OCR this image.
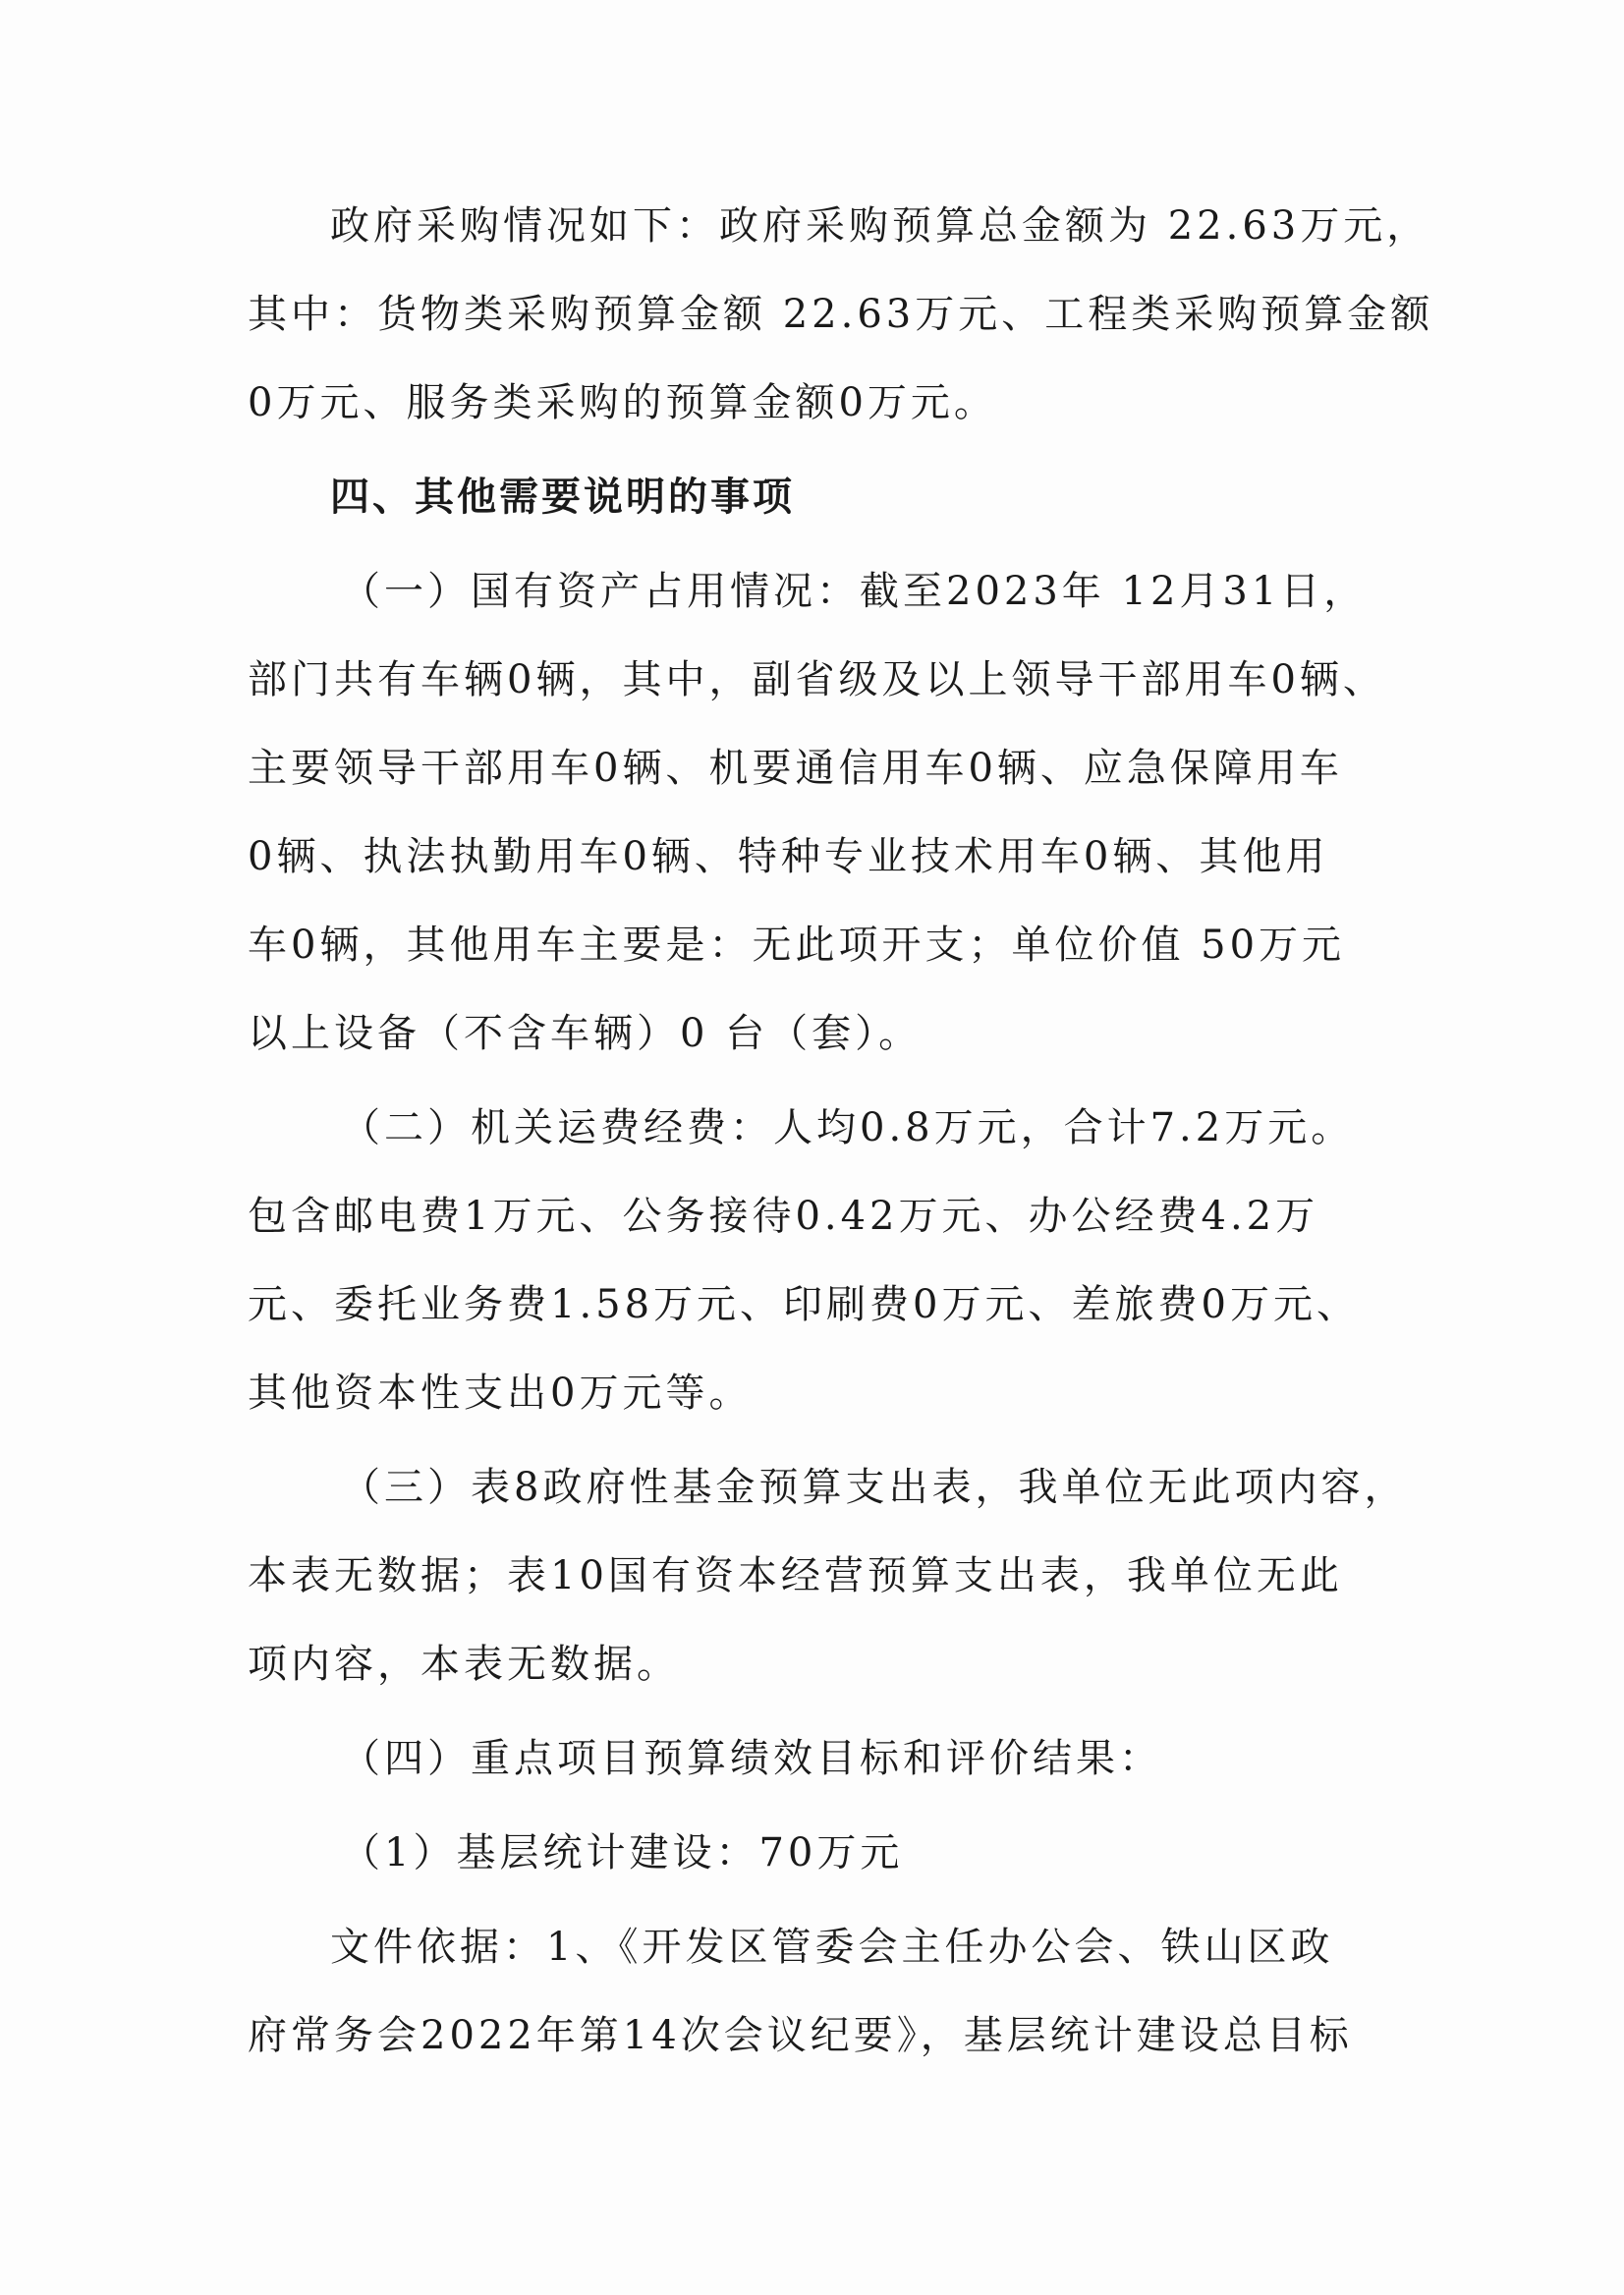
政府采购情况如下：政府采购预算总金额为 22.63万元，
其中：货物类采购预算金额 22.63万元、工程类采购预算金额
0万元、服务类采购的预算金额0万元。
四、其他需要说明的事项
（一）国有资产占用情况：截至2023年 12月31日，
部门共有车辆0辆，其中，副省级及以上领导干部用车0辆、
主要领导干部用车0辆、机要通信用车0辆、应急保障用车
0辆、执法执勤用车0辆、特种专业技术用车0辆、其他用
车0辆，其他用车主要是：无此项开支；单位价值 50万元
以上设备（不含车辆）0 台（套）。
（二）机关运费经费：人均0.8万元，合计7.2万元。
包含邮电费1万元、公务接待0.42万元、办公经费4.2万
元、委托业务费1.58万元、印刷费0万元、差旅费0万元、
其他资本性支出0万元等。
（三）表8政府性基金预算支出表，我单位无此项内容，
本表无数据；表10国有资本经营预算支出表，我单位无此
项内容，本表无数据。
（四）重点项目预算绩效目标和评价结果：
（1）基层统计建设：70万元
文件依据：1、《开发区管委会主任办公会、铁山区政
府常务会2022年第14次会议纪要》，基层统计建设总目标
